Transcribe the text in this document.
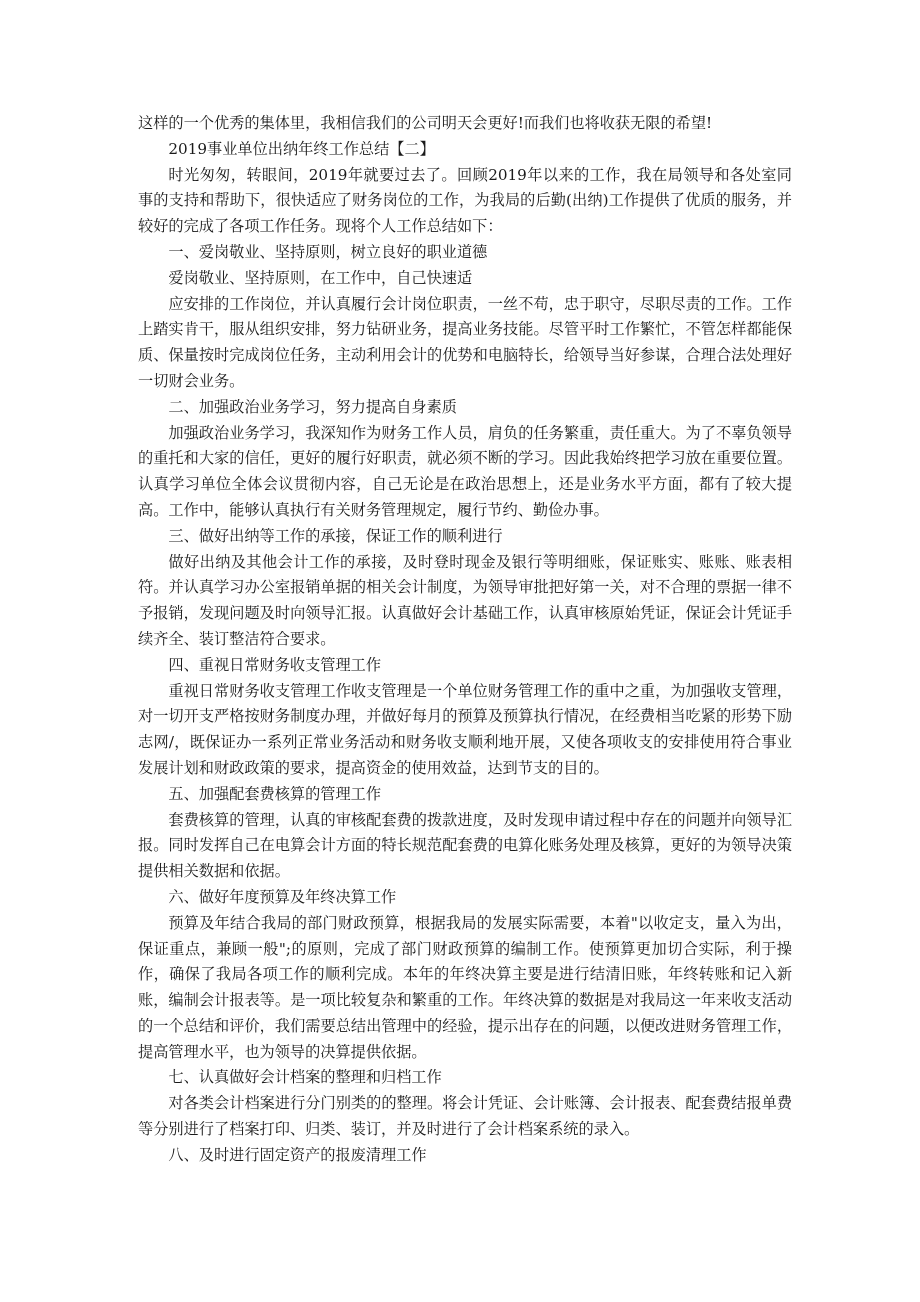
这样的一个优秀的集体里，我相信我们的公司明天会更好!而我们也将收获无限的希望!

2019事业单位出纳年终工作总结【二】

时光匆匆，转眼间，2019年就要过去了。回顾2019年以来的工作，我在局领导和各处室同事的支持和帮助下，很快适应了财务岗位的工作，为我局的后勤(出纳)工作提供了优质的服务，并较好的完成了各项工作任务。现将个人工作总结如下：

一、爱岗敬业、坚持原则，树立良好的职业道德

爱岗敬业、坚持原则，在工作中，自己快速适

应安排的工作岗位，并认真履行会计岗位职责，一丝不苟，忠于职守，尽职尽责的工作。工作上踏实肯干，服从组织安排，努力钻研业务，提高业务技能。尽管平时工作繁忙，不管怎样都能保质、保量按时完成岗位任务，主动利用会计的优势和电脑特长，给领导当好参谋，合理合法处理好一切财会业务。

二、加强政治业务学习，努力提高自身素质

加强政治业务学习，我深知作为财务工作人员，肩负的任务繁重，责任重大。为了不辜负领导的重托和大家的信任，更好的履行好职责，就必须不断的学习。因此我始终把学习放在重要位置。认真学习单位全体会议贯彻内容，自己无论是在政治思想上，还是业务水平方面，都有了较大提高。工作中，能够认真执行有关财务管理规定，履行节约、勤俭办事。

三、做好出纳等工作的承接，保证工作的顺利进行

做好出纳及其他会计工作的承接，及时登时现金及银行等明细账，保证账实、账账、账表相符。并认真学习办公室报销单据的相关会计制度，为领导审批把好第一关，对不合理的票据一律不予报销，发现问题及时向领导汇报。认真做好会计基础工作，认真审核原始凭证，保证会计凭证手续齐全、装订整洁符合要求。

四、重视日常财务收支管理工作

重视日常财务收支管理工作收支管理是一个单位财务管理工作的重中之重，为加强收支管理，对一切开支严格按财务制度办理，并做好每月的预算及预算执行情况，在经费相当吃紧的形势下励志网/，既保证办一系列正常业务活动和财务收支顺利地开展，又使各项收支的安排使用符合事业发展计划和财政政策的要求，提高资金的使用效益，达到节支的目的。

五、加强配套费核算的管理工作

套费核算的管理，认真的审核配套费的拨款进度，及时发现申请过程中存在的问题并向领导汇报。同时发挥自己在电算会计方面的特长规范配套费的电算化账务处理及核算，更好的为领导决策提供相关数据和依据。

六、做好年度预算及年终决算工作

预算及年结合我局的部门财政预算，根据我局的发展实际需要，本着"以收定支，量入为出，保证重点，兼顾一般";的原则，完成了部门财政预算的编制工作。使预算更加切合实际，利于操作，确保了我局各项工作的顺利完成。本年的年终决算主要是进行结清旧账，年终转账和记入新账，编制会计报表等。是一项比较复杂和繁重的工作。年终决算的数据是对我局这一年来收支活动的一个总结和评价，我们需要总结出管理中的经验，提示出存在的问题，以便改进财务管理工作，提高管理水平，也为领导的决算提供依据。

七、认真做好会计档案的整理和归档工作

对各类会计档案进行分门别类的的整理。将会计凭证、会计账簿、会计报表、配套费结报单费等分别进行了档案打印、归类、装订，并及时进行了会计档案系统的录入。

八、及时进行固定资产的报废清理工作
